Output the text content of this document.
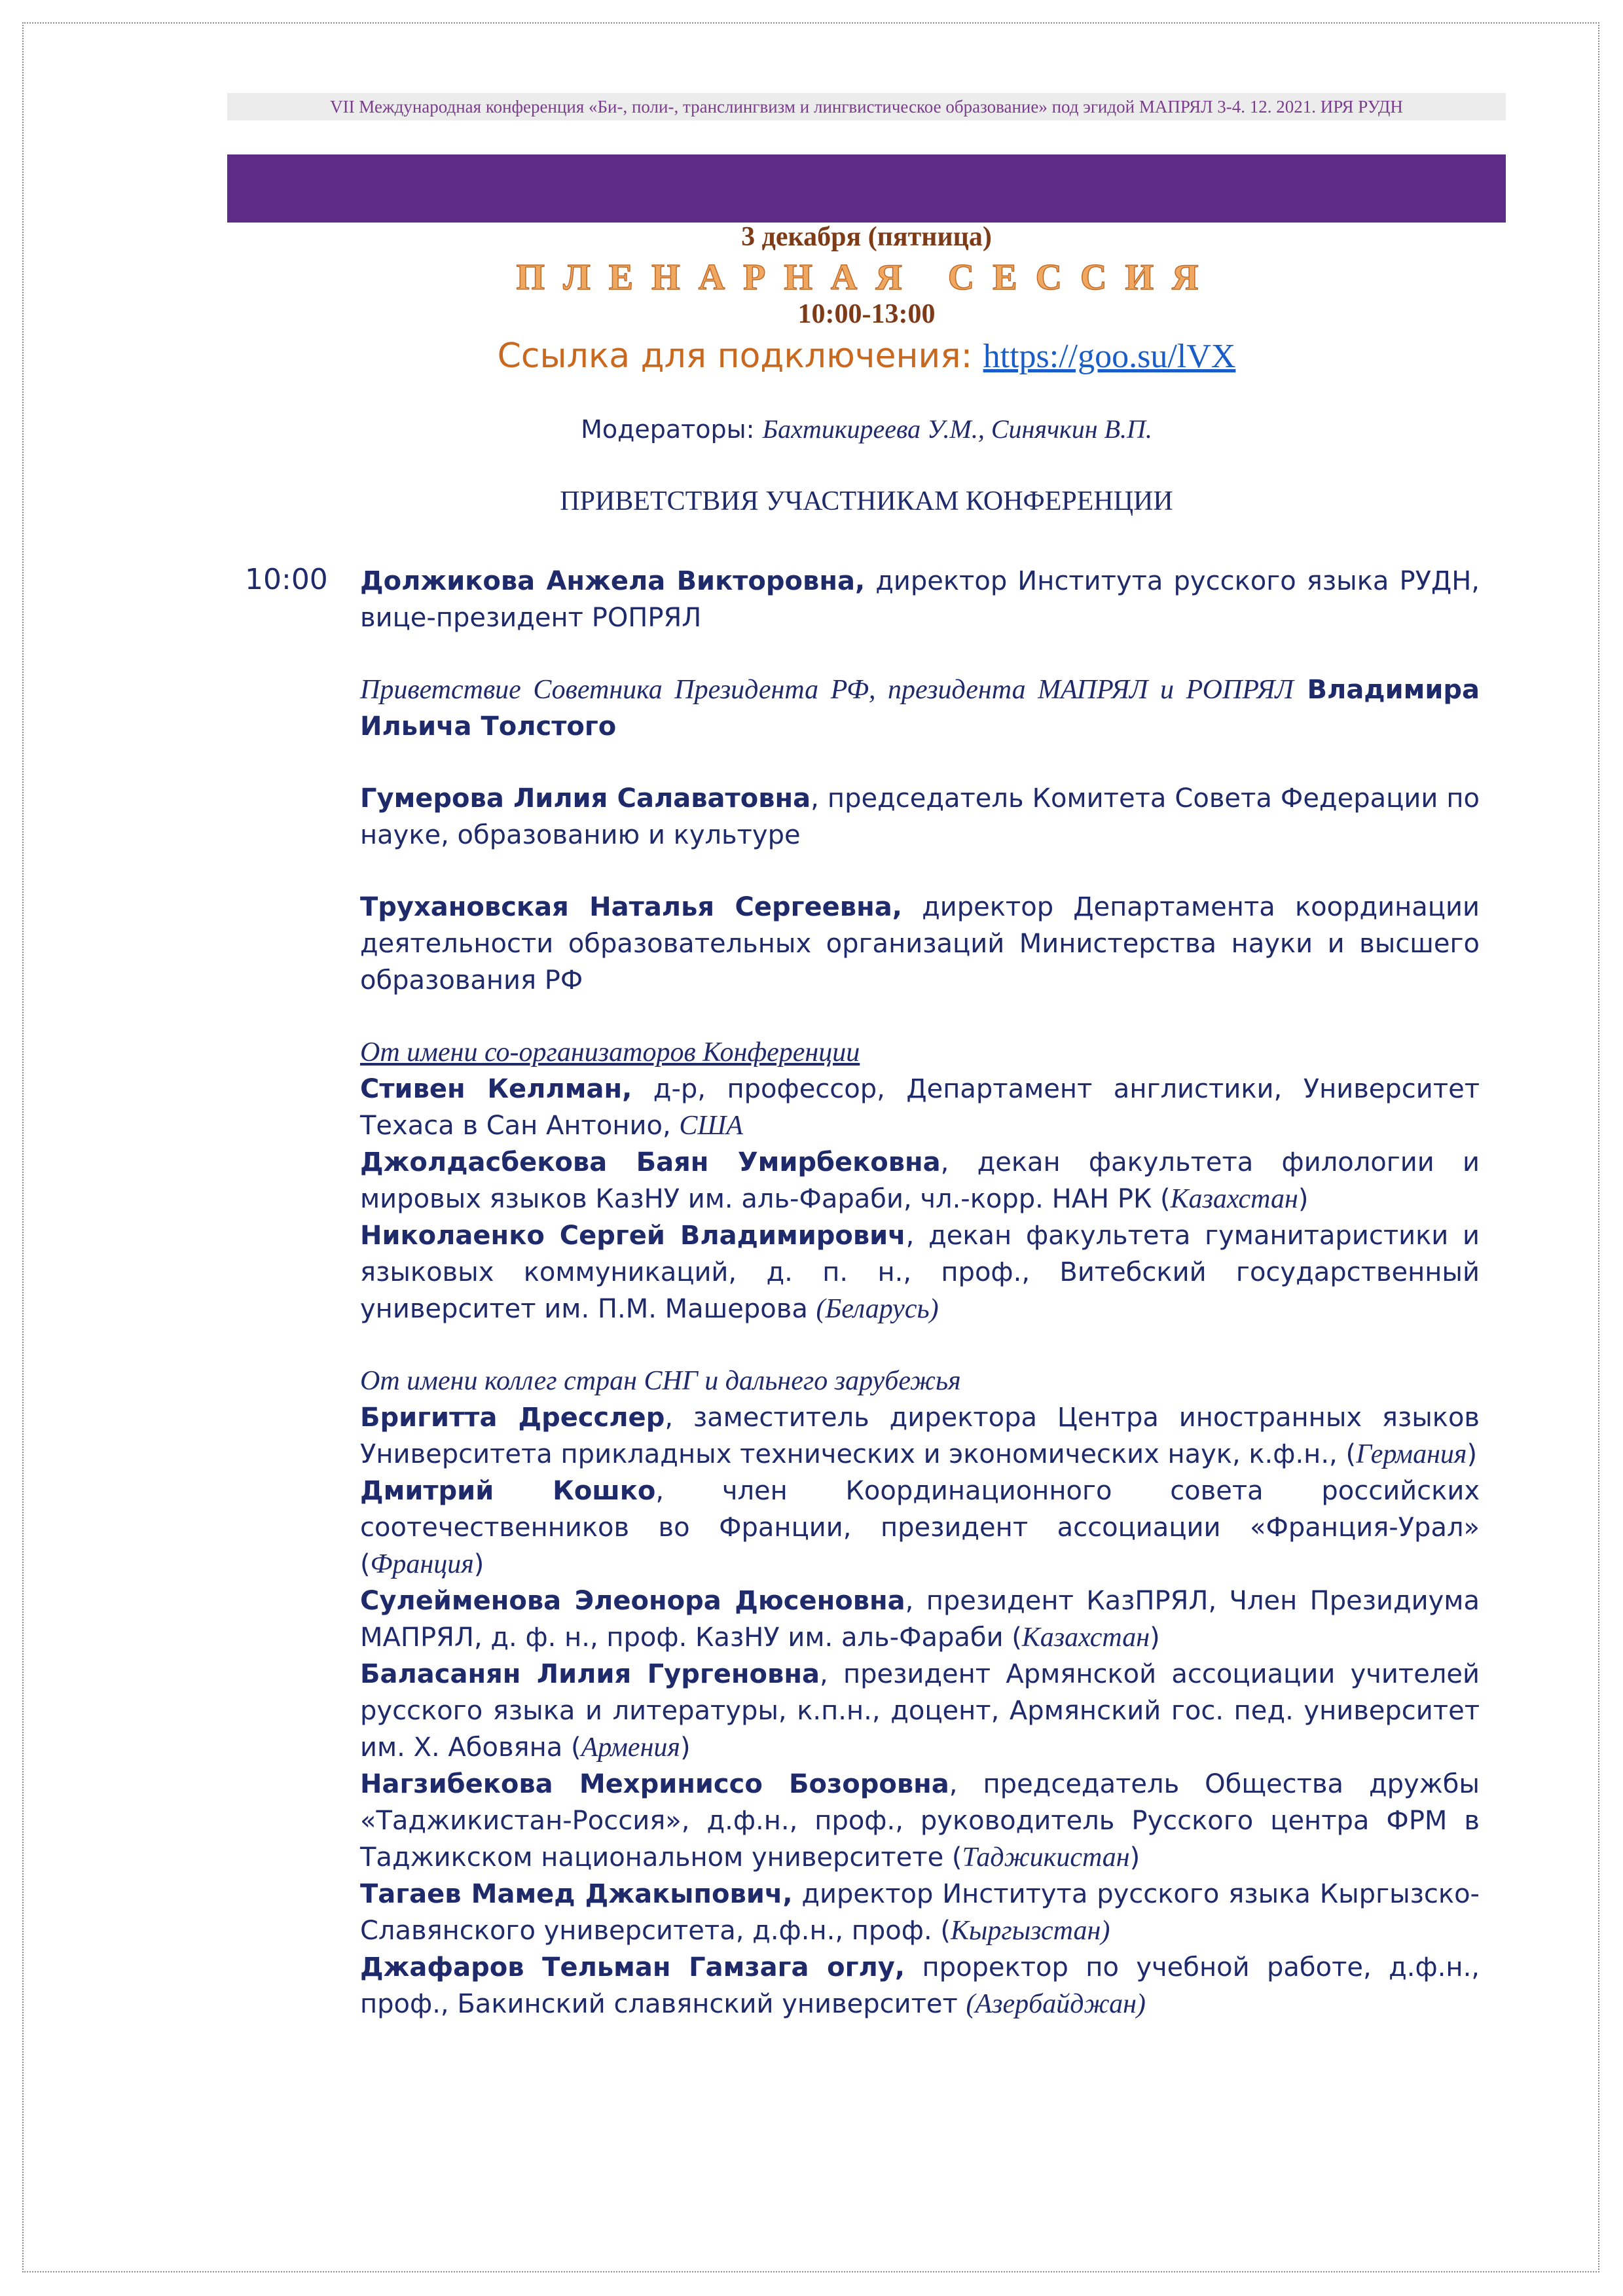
VII Международная конференция «Би-, поли-, транслингвизм и лингвистическое образование» под эгидой МАПРЯЛ 3-4. 12. 2021. ИРЯ РУДН
3 декабря (пятница)
ПЛЕНАРНАЯ СЕССИЯ
10:00-13:00
Ссылка для подключения: https://goo.su/lVX
Модераторы: Бахтикиреева У.М., Синячкин В.П.
ПРИВЕТСТВИЯ УЧАСТНИКАМ КОНФЕРЕНЦИИ
10:00 Должикова Анжела Викторовна, директор Института русского языка РУДН, вице-президент РОПРЯЛ

Приветствие Советника Президента РФ, президента МАПРЯЛ и РОПРЯЛ Владимира Ильича Толстого

Гумерова Лилия Салаватовна, председатель Комитета Совета Федерации по науке, образованию и культуре

Трухановская Наталья Сергеевна, директор Департамента координации деятельности образовательных организаций Министерства науки и высшего образования РФ

От имени со-организаторов Конференции

Стивен Келлман, д-р, профессор, Департамент англистики, Университет Техаса в Сан Антонио, США

Джолдасбекова Баян Умирбековна, декан факультета филологии и мировых языков КазНУ им. аль-Фараби, чл.-корр. НАН РК (Казахстан)

Николаенко Сергей Владимирович, декан факультета гуманитаристики и языковых коммуникаций, д. п. н., проф., Витебский государственный университет им. П.М. Машерова (Беларусь)

От имени коллег стран СНГ и дальнего зарубежья

Бригитта Дресслер, заместитель директора Центра иностранных языков Университета прикладных технических и экономических наук, к.ф.н., (Германия)

Дмитрий Кошко, член Координационного совета российских соотечественников во Франции, президент ассоциации «Франция-Урал» (Франция)

Сулейменова Элеонора Дюсеновна, президент КазПРЯЛ, Член Президиума МАПРЯЛ, д. ф. н., проф. КазНУ им. аль-Фараби (Казахстан)

Баласанян Лилия Гургеновна, президент Армянской ассоциации учителей русского языка и литературы, к.п.н., доцент, Армянский гос. пед. университет им. Х. Абовяна (Армения)

Нагзибекова Мехриниссо Бозоровна, председатель Общества дружбы «Таджикистан-Россия», д.ф.н., проф., руководитель Русского центра ФРМ в Таджикском национальном университете (Таджикистан)

Тагаев Мамед Джакыпович, директор Института русского языка Кыргызско-Славянского университета, д.ф.н., проф. (Кыргызстан)

Джафаров Тельман Гамзага оглу, проректор по учебной работе, д.ф.н., проф., Бакинский славянский университет (Азербайджан)
